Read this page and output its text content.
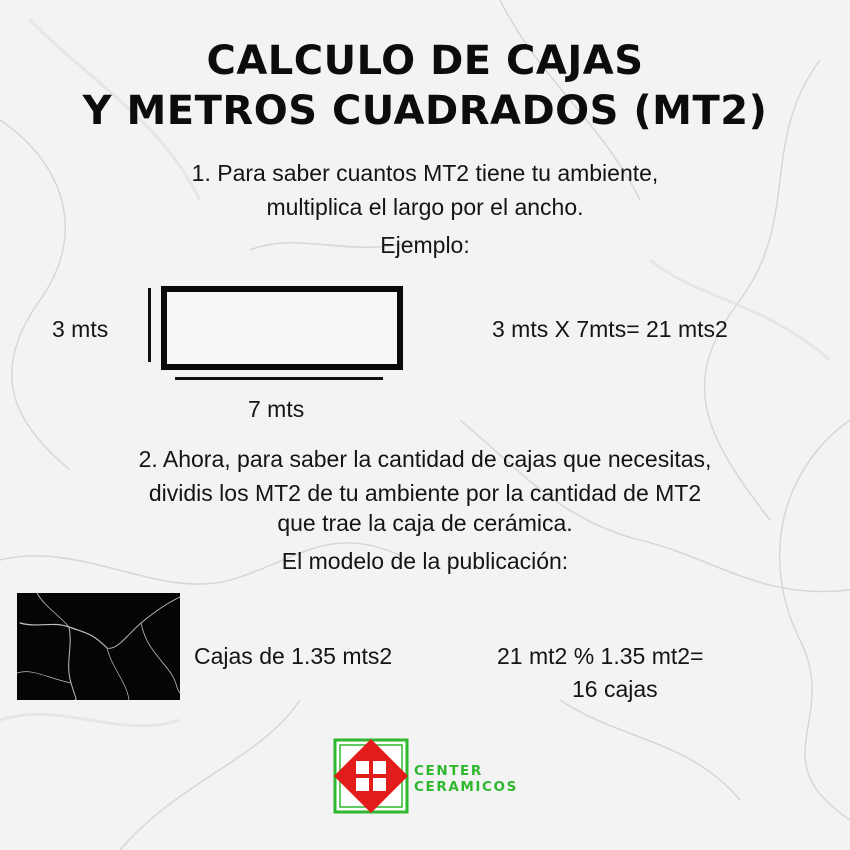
CALCULO DE CAJAS
Y METROS CUADRADOS (MT2)
1. Para saber cuantos MT2 tiene tu ambiente,
multiplica el largo por el ancho.
Ejemplo:
3 mts
7 mts
3 mts X 7mts= 21 mts2
2. Ahora, para saber la cantidad de cajas que necesitas,
dividis los MT2 de tu ambiente por la cantidad de MT2
que trae la caja de cerámica.
El modelo de la publicación:
Cajas de 1.35 mts2	21 mt2 % 1.35 mt2=
16 cajas
CENTER
CERAMICOS
